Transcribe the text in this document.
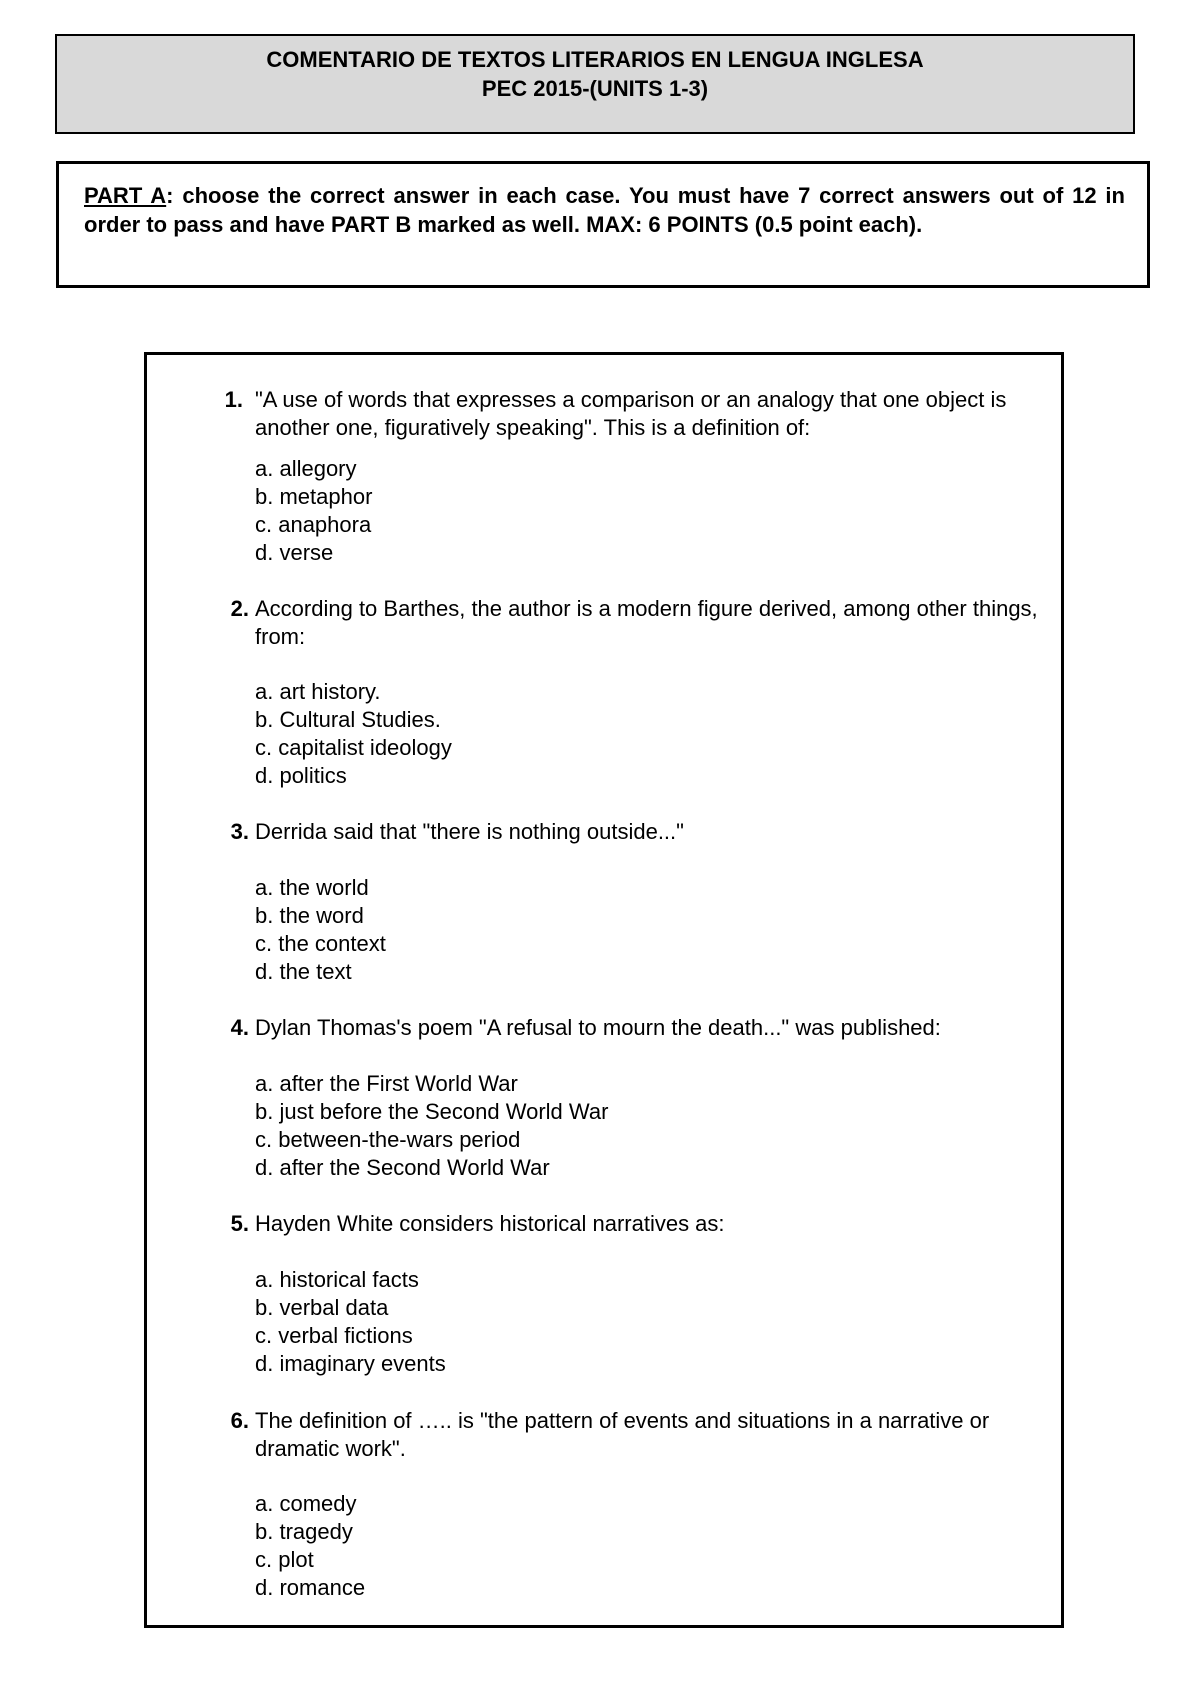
COMENTARIO DE TEXTOS LITERARIOS EN LENGUA INGLESA
PEC 2015-(UNITS 1-3)
PART A: choose the correct answer in each case. You must have 7 correct answers out of 12 in order to pass and have PART B marked as well. MAX: 6 POINTS (0.5 point each).
1. "A use of words that expresses a comparison or an analogy that one object is another one, figuratively speaking". This is a definition of:
a. allegory
b. metaphor
c. anaphora
d. verse
2. According to Barthes, the author is a modern figure derived, among other things, from:
a. art history.
b. Cultural Studies.
c. capitalist ideology
d. politics
3. Derrida said that "there is nothing outside..."
a. the world
b. the word
c. the context
d. the text
4. Dylan Thomas's poem "A refusal to mourn the death..." was published:
a. after the First World War
b. just before the Second World War
c. between-the-wars period
d. after the Second World War
5. Hayden White considers historical narratives as:
a. historical facts
b. verbal data
c. verbal fictions
d. imaginary events
6. The definition of ….. is "the pattern of events and situations in a narrative or dramatic work".
a. comedy
b. tragedy
c. plot
d. romance
